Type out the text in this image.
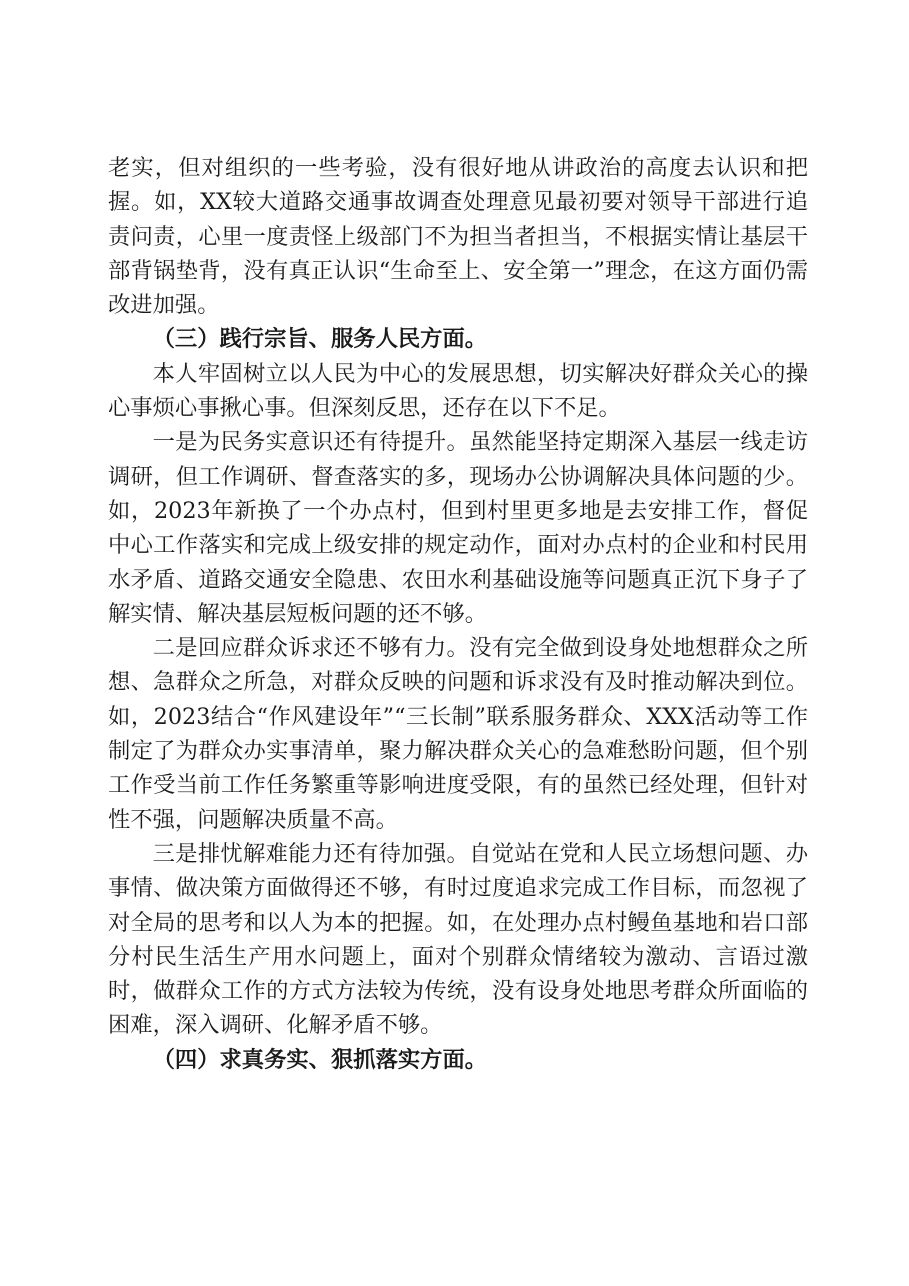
老实，但对组织的一些考验，没有很好地从讲政治的高度去认识和把握。如，XX较大道路交通事故调查处理意见最初要对领导干部进行追责问责，心里一度责怪上级部门不为担当者担当，不根据实情让基层干部背锅垫背，没有真正认识“生命至上、安全第一”理念，在这方面仍需改进加强。

（三）践行宗旨、服务人民方面。

本人牢固树立以人民为中心的发展思想，切实解决好群众关心的操心事烦心事揪心事。但深刻反思，还存在以下不足。

一是为民务实意识还有待提升。虽然能坚持定期深入基层一线走访调研，但工作调研、督查落实的多，现场办公协调解决具体问题的少。如，2023年新换了一个办点村，但到村里更多地是去安排工作，督促中心工作落实和完成上级安排的规定动作，面对办点村的企业和村民用水矛盾、道路交通安全隐患、农田水利基础设施等问题真正沉下身子了解实情、解决基层短板问题的还不够。

二是回应群众诉求还不够有力。没有完全做到设身处地想群众之所想、急群众之所急，对群众反映的问题和诉求没有及时推动解决到位。如，2023结合“作风建设年”“三长制”联系服务群众、XXX活动等工作制定了为群众办实事清单，聚力解决群众关心的急难愁盼问题，但个别工作受当前工作任务繁重等影响进度受限，有的虽然已经处理，但针对性不强，问题解决质量不高。

三是排忧解难能力还有待加强。自觉站在党和人民立场想问题、办事情、做决策方面做得还不够，有时过度追求完成工作目标，而忽视了对全局的思考和以人为本的把握。如，在处理办点村鳗鱼基地和岩口部分村民生活生产用水问题上，面对个别群众情绪较为激动、言语过激时，做群众工作的方式方法较为传统，没有设身处地思考群众所面临的困难，深入调研、化解矛盾不够。

（四）求真务实、狠抓落实方面。
